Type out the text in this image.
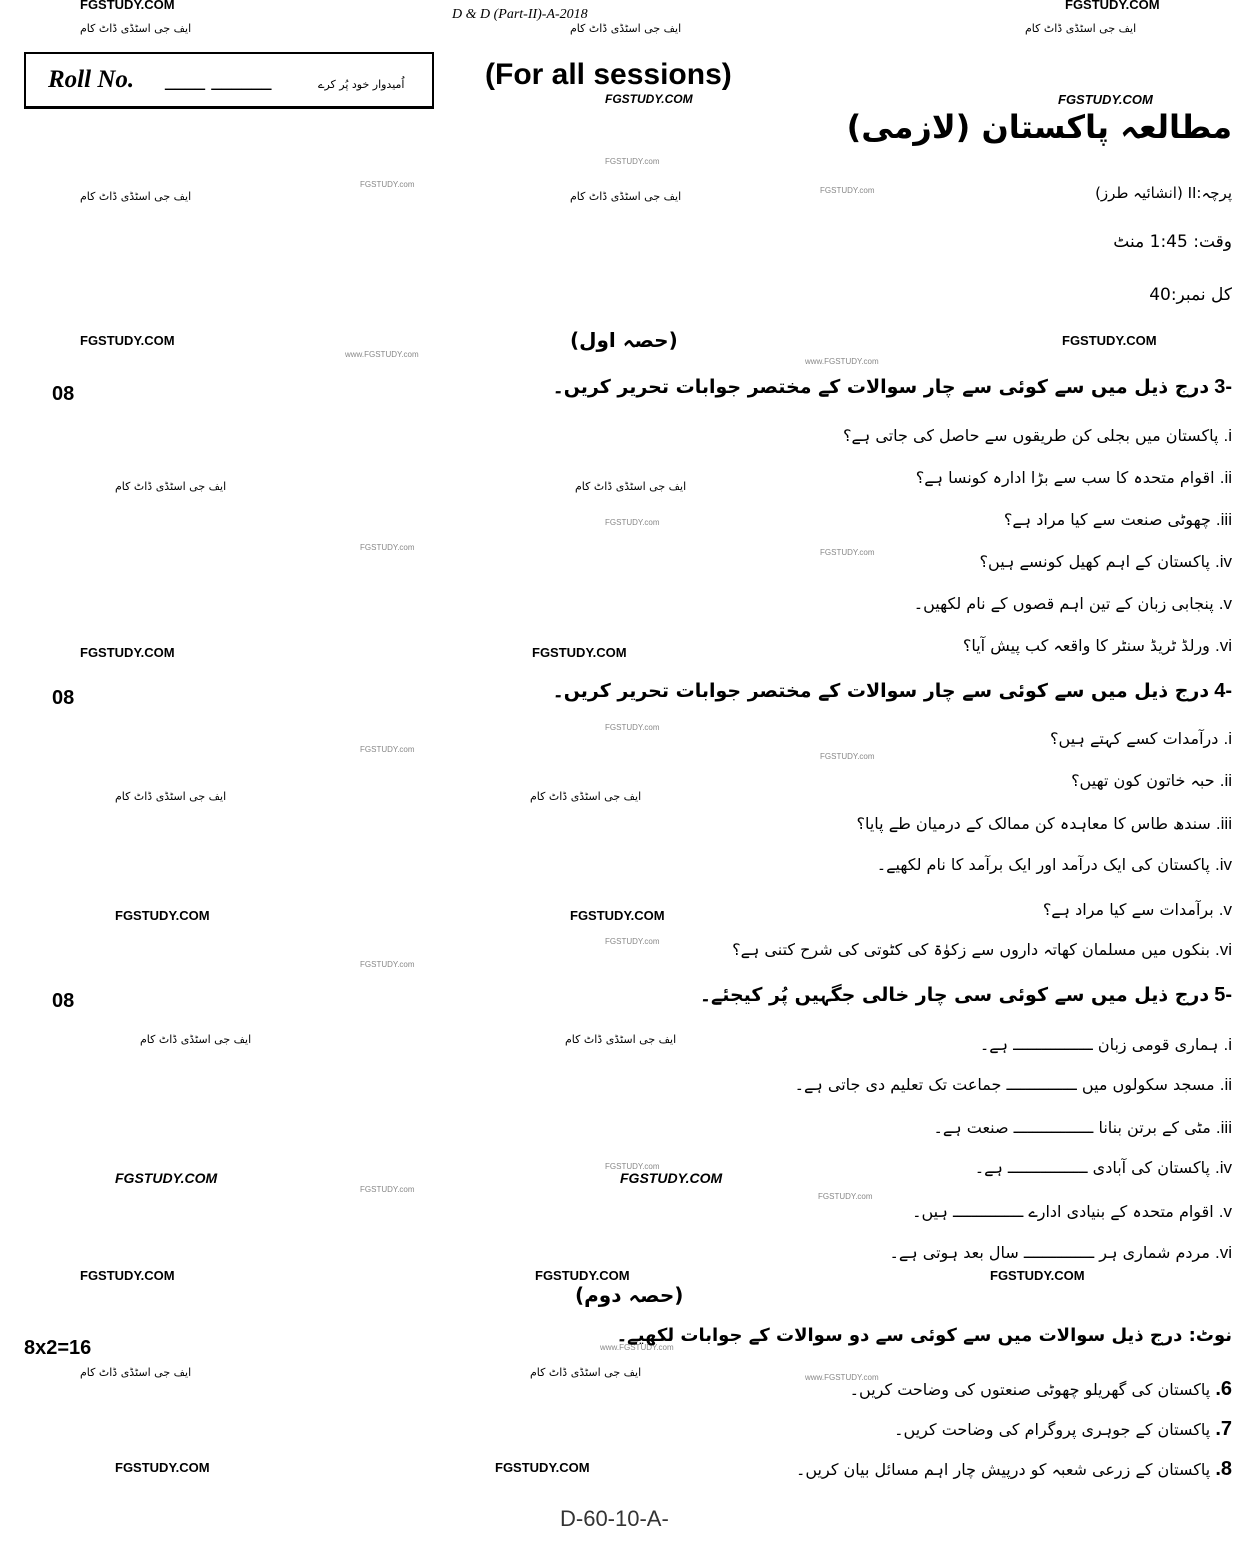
FGSTUDY.COM	FGSTUDY.COM
ایف جی اسٹڈی ڈاٹ کام	ایف جی اسٹڈی ڈاٹ کام	ایف جی اسٹڈی ڈاٹ کام
FGSTUDY.COM	FGSTUDY.COM
FGSTUDY.com
FGSTUDY.com
FGSTUDY.com
ایف جی اسٹڈی ڈاٹ کام	ایف جی اسٹڈی ڈاٹ کام
FGSTUDY.COM	FGSTUDY.COM
www.FGSTUDY.com
www.FGSTUDY.com
ایف جی اسٹڈی ڈاٹ کام	ایف جی اسٹڈی ڈاٹ کام
FGSTUDY.com
FGSTUDY.com
FGSTUDY.com
FGSTUDY.COM	FGSTUDY.COM
FGSTUDY.com
FGSTUDY.com
FGSTUDY.com
ایف جی اسٹڈی ڈاٹ کام	ایف جی اسٹڈی ڈاٹ کام
FGSTUDY.COM	FGSTUDY.COM
FGSTUDY.com
FGSTUDY.com
ایف جی اسٹڈی ڈاٹ کام	ایف جی اسٹڈی ڈاٹ کام
FGSTUDY.COM	FGSTUDY.COM
FGSTUDY.com
FGSTUDY.com
FGSTUDY.com
FGSTUDY.COM	FGSTUDY.COM	FGSTUDY.COM
www.FGSTUDY.com
ایف جی اسٹڈی ڈاٹ کام	ایف جی اسٹڈی ڈاٹ کام	www.FGSTUDY.com
FGSTUDY.COM	FGSTUDY.COM
D & D (Part-II)-A-2018
Roll No. ____ ______	اُمیدوار خود پُر کرے	(For all sessions)
مطالعہ پاکستان (لازمی)
پرچہ:II (انشائیہ طرز)
وقت: 1:45 منٹ
کل نمبر:40
(حصہ اول)
08	-3 درج ذیل میں سے کوئی سے چار سوالات کے مختصر جوابات تحریر کریں۔
i. پاکستان میں بجلی کن طریقوں سے حاصل کی جاتی ہے؟
ii. اقوام متحدہ کا سب سے بڑا ادارہ کونسا ہے؟
iii. چھوٹی صنعت سے کیا مراد ہے؟
iv. پاکستان کے اہم کھیل کونسے ہیں؟
v. پنجابی زبان کے تین اہم قصوں کے نام لکھیں۔
vi. ورلڈ ٹریڈ سنٹر کا واقعہ کب پیش آیا؟
08	-4 درج ذیل میں سے کوئی سے چار سوالات کے مختصر جوابات تحریر کریں۔
i. درآمدات کسے کہتے ہیں؟
ii. حبہ خاتون کون تھیں؟
iii. سندھ طاس کا معاہدہ کن ممالک کے درمیان طے پایا؟
iv. پاکستان کی ایک درآمد اور ایک برآمد کا نام لکھیے۔
v. برآمدات سے کیا مراد ہے؟
vi. بنکوں میں مسلمان کھاتہ داروں سے زکوٰۃ کی کٹوتی کی شرح کتنی ہے؟
08	-5 درج ذیل میں سے کوئی سی چار خالی جگہیں پُر کیجئے۔
i. ہماری قومی زبان ـــــــــــــــــ ہے۔
ii. مسجد سکولوں میں ـــــــــــــــ جماعت تک تعلیم دی جاتی ہے۔
iii. مٹی کے برتن بنانا ـــــــــــــــــ صنعت ہے۔
iv. پاکستان کی آبادی ـــــــــــــــــ ہے۔
v. اقوام متحدہ کے بنیادی ادارے ـــــــــــــــ ہیں۔
vi. مردم شماری ہر ـــــــــــــــ سال بعد ہوتی ہے۔
(حصہ دوم)
8x2=16
نوٹ: درج ذیل سوالات میں سے کوئی سے دو سوالات کے جوابات لکھیے۔
6. پاکستان کی گھریلو چھوٹی صنعتوں کی وضاحت کریں۔
7. پاکستان کے جوہری پروگرام کی وضاحت کریں۔
8. پاکستان کے زرعی شعبہ کو درپیش چار اہم مسائل بیان کریں۔
D-60-10-A-
